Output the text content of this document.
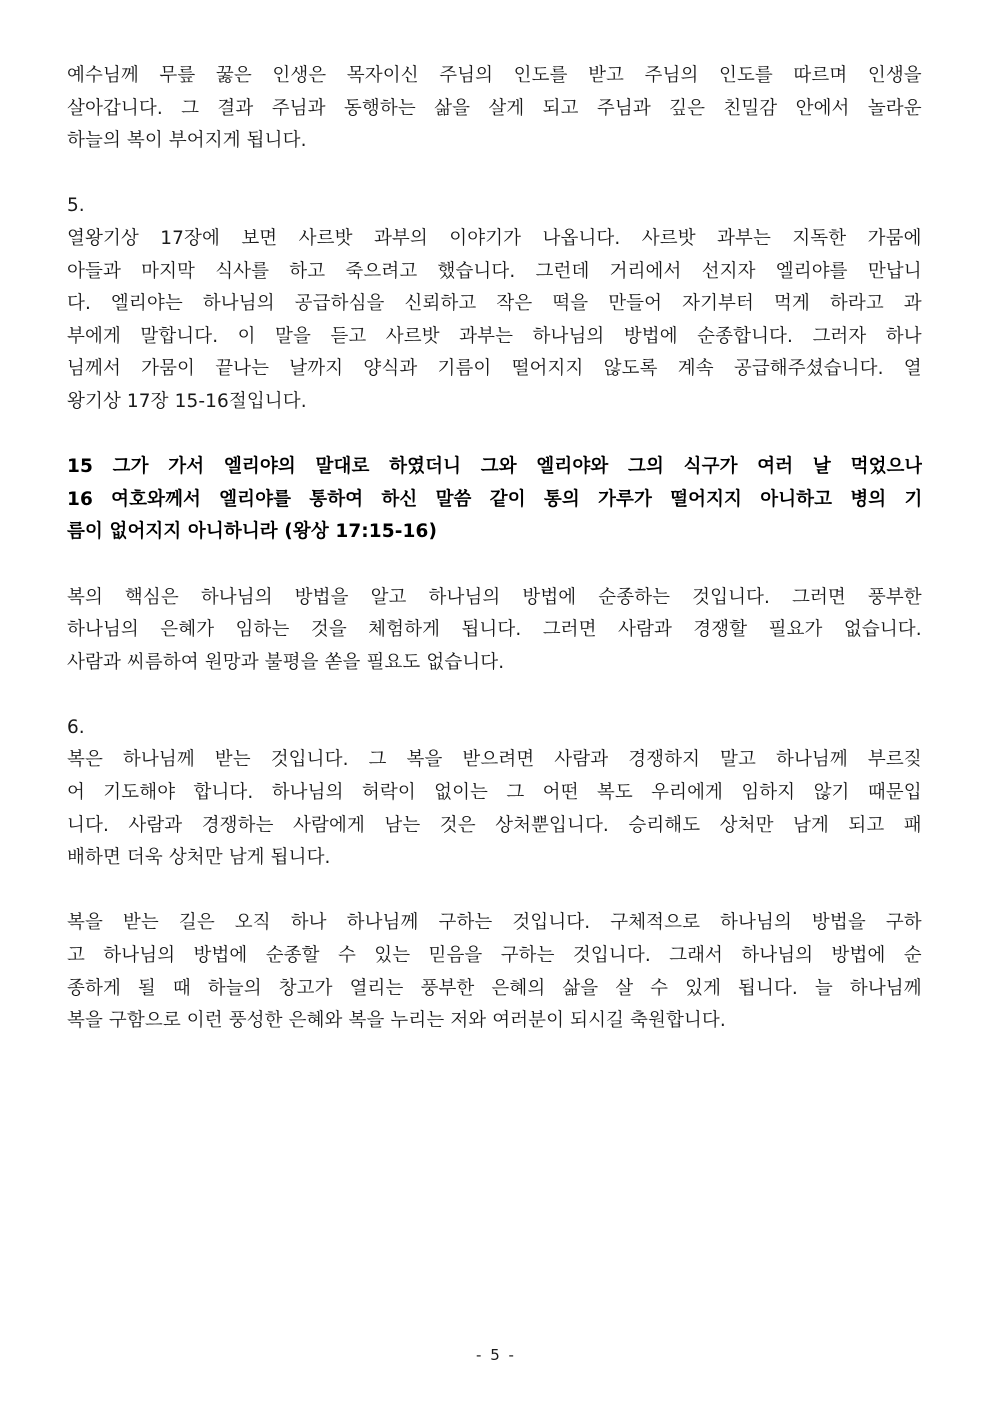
예수님께 무릎 꿇은 인생은 목자이신 주님의 인도를 받고 주님의 인도를 따르며 인생을
살아갑니다. 그 결과 주님과 동행하는 삶을 살게 되고 주님과 깊은 친밀감 안에서 놀라운
하늘의 복이 부어지게 됩니다.

5.

열왕기상 17장에 보면 사르밧 과부의 이야기가 나옵니다. 사르밧 과부는 지독한 가뭄에
아들과 마지막 식사를 하고 죽으려고 했습니다. 그런데 거리에서 선지자 엘리야를 만납니
다. 엘리야는 하나님의 공급하심을 신뢰하고 작은 떡을 만들어 자기부터 먹게 하라고 과
부에게 말합니다. 이 말을 듣고 사르밧 과부는 하나님의 방법에 순종합니다. 그러자 하나
님께서 가뭄이 끝나는 날까지 양식과 기름이 떨어지지 않도록 계속 공급해주셨습니다. 열
왕기상 17장 15-16절입니다.

15 그가 가서 엘리야의 말대로 하였더니 그와 엘리야와 그의 식구가 여러 날 먹었으나
16 여호와께서 엘리야를 통하여 하신 말씀 같이 통의 가루가 떨어지지 아니하고 병의 기
름이 없어지지 아니하니라 (왕상 17:15-16)

복의 핵심은 하나님의 방법을 알고 하나님의 방법에 순종하는 것입니다. 그러면 풍부한
하나님의 은혜가 임하는 것을 체험하게 됩니다. 그러면 사람과 경쟁할 필요가 없습니다.
사람과 씨름하여 원망과 불평을 쏟을 필요도 없습니다.

6.

복은 하나님께 받는 것입니다. 그 복을 받으려면 사람과 경쟁하지 말고 하나님께 부르짖
어 기도해야 합니다. 하나님의 허락이 없이는 그 어떤 복도 우리에게 임하지 않기 때문입
니다. 사람과 경쟁하는 사람에게 남는 것은 상처뿐입니다. 승리해도 상처만 남게 되고 패
배하면 더욱 상처만 남게 됩니다.

복을 받는 길은 오직 하나 하나님께 구하는 것입니다. 구체적으로 하나님의 방법을 구하
고 하나님의 방법에 순종할 수 있는 믿음을 구하는 것입니다. 그래서 하나님의 방법에 순
종하게 될 때 하늘의 창고가 열리는 풍부한 은혜의 삶을 살 수 있게 됩니다. 늘 하나님께
복을 구함으로 이런 풍성한 은혜와 복을 누리는 저와 여러분이 되시길 축원합니다.

- 5 -
